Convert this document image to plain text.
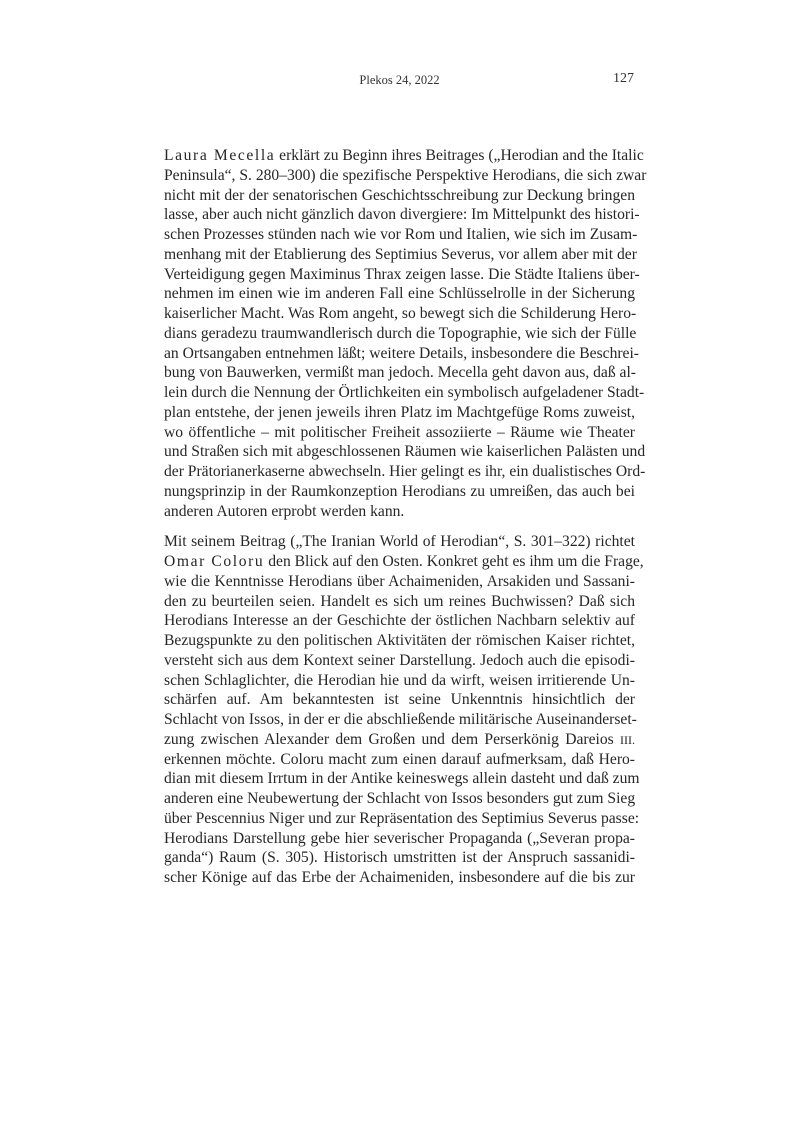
Plekos 24, 2022	127
Laura Mecella erklärt zu Beginn ihres Beitrages („Herodian and the Italic
Peninsula“, S. 280–300) die spezifische Perspektive Herodians, die sich zwar
nicht mit der der senatorischen Geschichtsschreibung zur Deckung bringen
lasse, aber auch nicht gänzlich davon divergiere: Im Mittelpunkt des histori-
schen Prozesses stünden nach wie vor Rom und Italien, wie sich im Zusam-
menhang mit der Etablierung des Septimius Severus, vor allem aber mit der
Verteidigung gegen Maximinus Thrax zeigen lasse. Die Städte Italiens über-
nehmen im einen wie im anderen Fall eine Schlüsselrolle in der Sicherung
kaiserlicher Macht. Was Rom angeht, so bewegt sich die Schilderung Hero-
dians geradezu traumwandlerisch durch die Topographie, wie sich der Fülle
an Ortsangaben entnehmen läßt; weitere Details, insbesondere die Beschrei-
bung von Bauwerken, vermißt man jedoch. Mecella geht davon aus, daß al-
lein durch die Nennung der Örtlichkeiten ein symbolisch aufgeladener Stadt-
plan entstehe, der jenen jeweils ihren Platz im Machtgefüge Roms zuweist,
wo öffentliche – mit politischer Freiheit assoziierte – Räume wie Theater
und Straßen sich mit abgeschlossenen Räumen wie kaiserlichen Palästen und
der Prätorianerkaserne abwechseln. Hier gelingt es ihr, ein dualistisches Ord-
nungsprinzip in der Raumkonzeption Herodians zu umreißen, das auch bei
anderen Autoren erprobt werden kann.
Mit seinem Beitrag („The Iranian World of Herodian“, S. 301–322) richtet
Omar Coloru den Blick auf den Osten. Konkret geht es ihm um die Frage,
wie die Kenntnisse Herodians über Achaimeniden, Arsakiden und Sassani-
den zu beurteilen seien. Handelt es sich um reines Buchwissen? Daß sich
Herodians Interesse an der Geschichte der östlichen Nachbarn selektiv auf
Bezugspunkte zu den politischen Aktivitäten der römischen Kaiser richtet,
versteht sich aus dem Kontext seiner Darstellung. Jedoch auch die episodi-
schen Schlaglichter, die Herodian hie und da wirft, weisen irritierende Un-
schärfen auf. Am bekanntesten ist seine Unkenntnis hinsichtlich der
Schlacht von Issos, in der er die abschließende militärische Auseinanderset-
zung zwischen Alexander dem Großen und dem Perserkönig Dareios III.
erkennen möchte. Coloru macht zum einen darauf aufmerksam, daß Hero-
dian mit diesem Irrtum in der Antike keineswegs allein dasteht und daß zum
anderen eine Neubewertung der Schlacht von Issos besonders gut zum Sieg
über Pescennius Niger und zur Repräsentation des Septimius Severus passe:
Herodians Darstellung gebe hier severischer Propaganda („Severan propa-
ganda“) Raum (S. 305). Historisch umstritten ist der Anspruch sassanidi-
scher Könige auf das Erbe der Achaimeniden, insbesondere auf die bis zur
